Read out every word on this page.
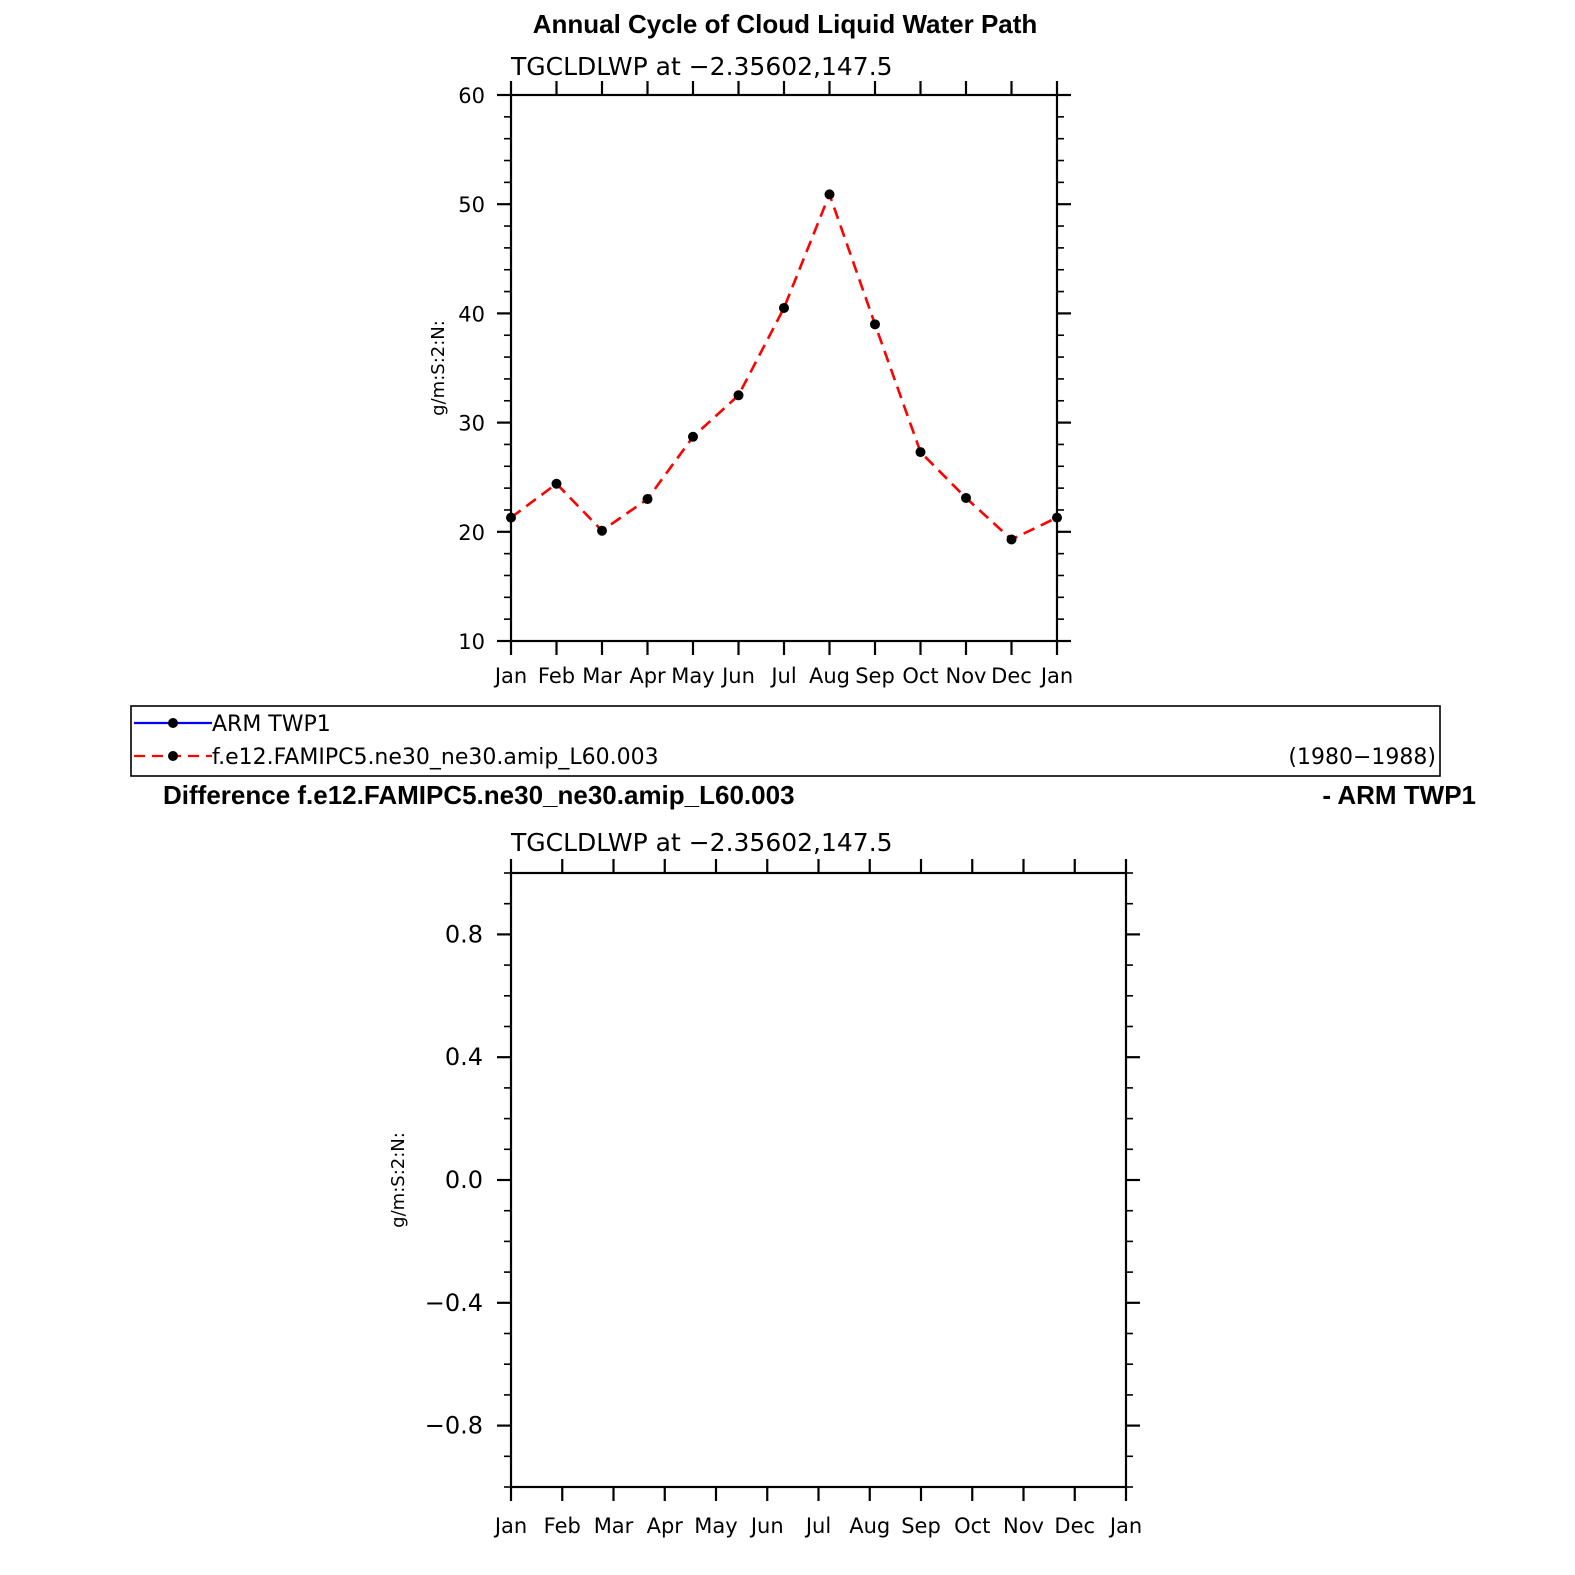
Annual Cycle of Cloud Liquid Water Path
TGCLDLWP at −2.35602,147.5
g/m:S:2:N:
Jan Feb Mar Apr May Jun Jul Aug Sep Oct Nov Dec Jan
10
20
30
40
50
60
ARM TWP1
f.e12.FAMIPC5.ne30_ne30.amip_L60.003	(1980−1988)
Difference f.e12.FAMIPC5.ne30_ne30.amip_L60.003	- ARM TWP1
TGCLDLWP at −2.35602,147.5
g/m:S:2:N:
Jan Feb Mar Apr May Jun Jul Aug Sep Oct Nov Dec Jan
−0.8
−0.4
0.0
0.4
0.8
